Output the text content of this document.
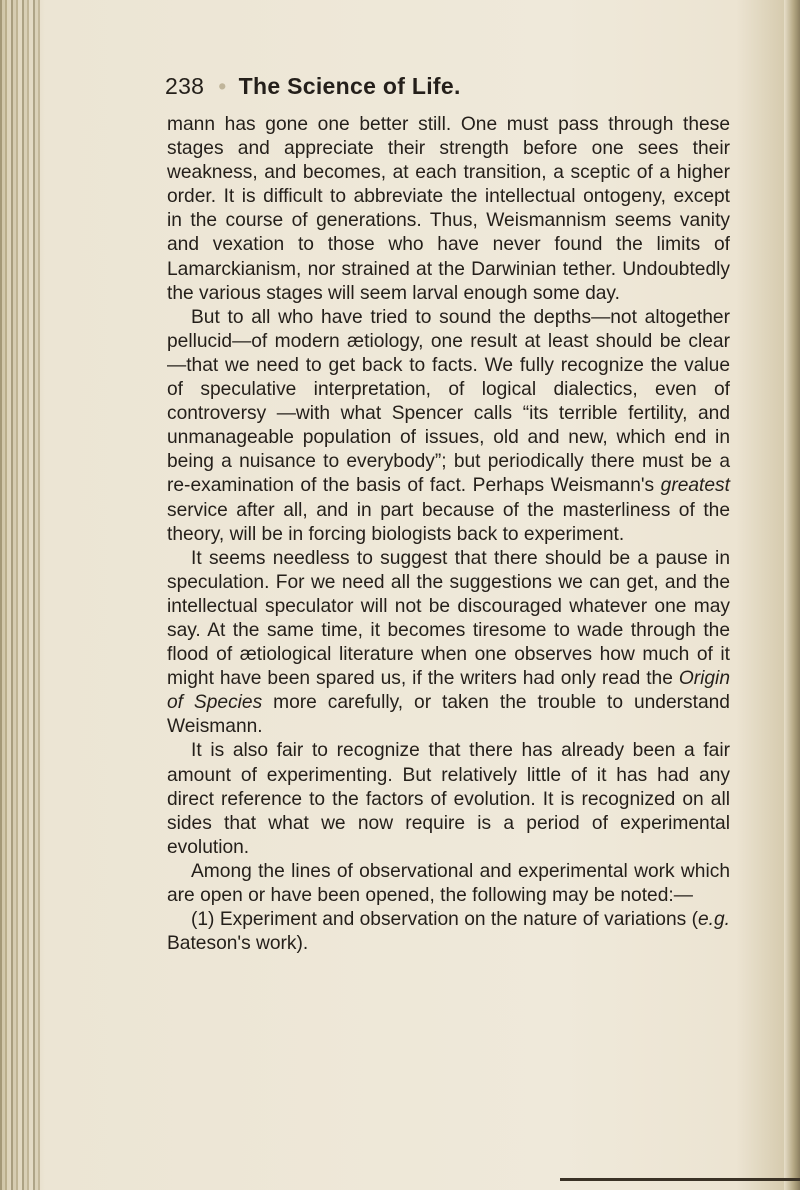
238 • The Science of Life.

mann has gone one better still. One must pass through these stages and appreciate their strength before one sees their weakness, and becomes, at each transition, a sceptic of a higher order. It is difficult to abbreviate the intellectual ontogeny, except in the course of generations. Thus, Weismannism seems vanity and vexation to those who have never found the limits of Lamarckianism, nor strained at the Darwinian tether. Undoubtedly the various stages will seem larval enough some day.

But to all who have tried to sound the depths—not altogether pellucid—of modern ætiology, one result at least should be clear—that we need to get back to facts. We fully recognize the value of speculative interpretation, of logical dialectics, even of controversy —with what Spencer calls “its terrible fertility, and unmanageable population of issues, old and new, which end in being a nuisance to everybody”; but periodically there must be a re-examination of the basis of fact. Perhaps Weismann's greatest service after all, and in part because of the masterliness of the theory, will be in forcing biologists back to experiment.

It seems needless to suggest that there should be a pause in speculation. For we need all the suggestions we can get, and the intellectual speculator will not be discouraged whatever one may say. At the same time, it becomes tiresome to wade through the flood of ætiological literature when one observes how much of it might have been spared us, if the writers had only read the Origin of Species more carefully, or taken the trouble to understand Weismann.

It is also fair to recognize that there has already been a fair amount of experimenting. But relatively little of it has had any direct reference to the factors of evolution. It is recognized on all sides that what we now require is a period of experimental evolution.

Among the lines of observational and experimental work which are open or have been opened, the following may be noted:—

(1) Experiment and observation on the nature of variations (e.g. Bateson's work).
